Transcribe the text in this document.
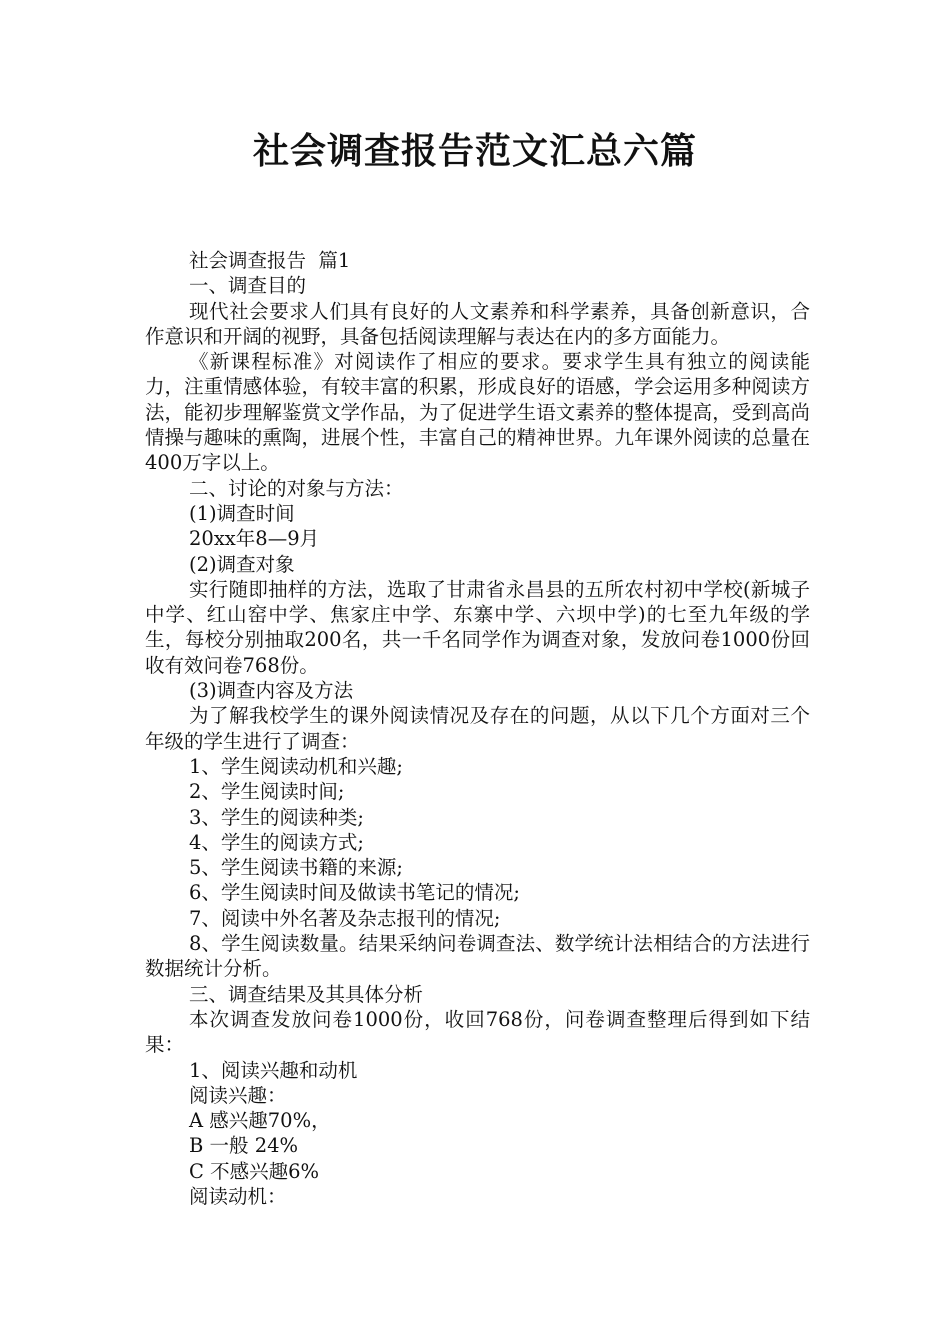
社会调查报告范文汇总六篇

社会调查报告  篇1

一、调查目的

现代社会要求人们具有良好的人文素养和科学素养，具备创新意识，合作意识和开阔的视野，具备包括阅读理解与表达在内的多方面能力。

《新课程标准》对阅读作了相应的要求。要求学生具有独立的阅读能力，注重情感体验，有较丰富的积累，形成良好的语感，学会运用多种阅读方法，能初步理解鉴赏文学作品，为了促进学生语文素养的整体提高，受到高尚情操与趣味的熏陶，进展个性，丰富自己的精神世界。九年课外阅读的总量在400万字以上。

二、讨论的对象与方法：

(1)调查时间

20xx年8—9月

(2)调查对象

实行随即抽样的方法，选取了甘肃省永昌县的五所农村初中学校(新城子中学、红山窑中学、焦家庄中学、东寨中学、六坝中学)的七至九年级的学生，每校分别抽取200名，共一千名同学作为调查对象，发放问卷1000份回收有效问卷768份。

(3)调查内容及方法

为了解我校学生的课外阅读情况及存在的问题，从以下几个方面对三个年级的学生进行了调查：

1、学生阅读动机和兴趣;

2、学生阅读时间;

3、学生的阅读种类;

4、学生的阅读方式;

5、学生阅读书籍的来源;

6、学生阅读时间及做读书笔记的情况;

7、阅读中外名著及杂志报刊的情况;

8、学生阅读数量。结果采纳问卷调查法、数学统计法相结合的方法进行数据统计分析。

三、调查结果及其具体分析

本次调查发放问卷1000份，收回768份，问卷调查整理后得到如下结果：

1、阅读兴趣和动机

阅读兴趣：

A 感兴趣70%，

B 一般 24%

C 不感兴趣6%

阅读动机：
